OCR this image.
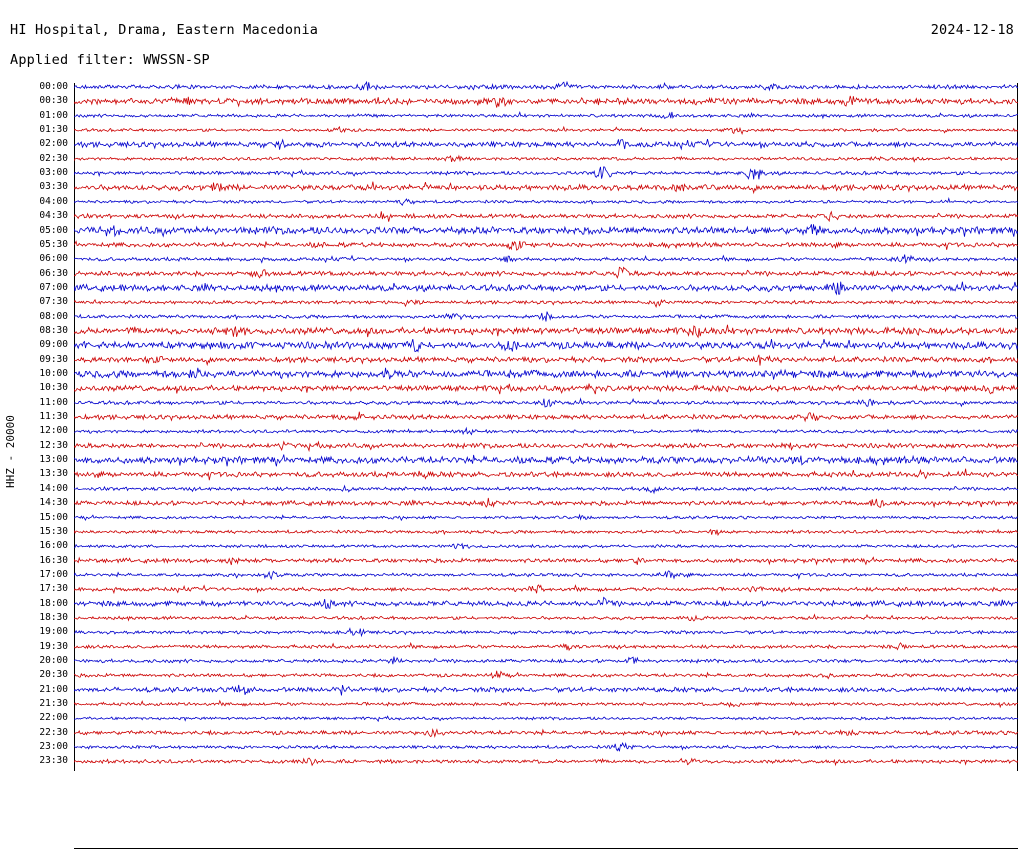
HI Hospital, Drama, Eastern Macedonia	2024-12-18
Applied filter: WWSSN-SP
HHZ - 20000
00:00
00:30
01:00
01:30
02:00
02:30
03:00
03:30
04:00
04:30
05:00
05:30
06:00
06:30
07:00
07:30
08:00
08:30
09:00
09:30
10:00
10:30
11:00
11:30
12:00
12:30
13:00
13:30
14:00
14:30
15:00
15:30
16:00
16:30
17:00
17:30
18:00
18:30
19:00
19:30
20:00
20:30
21:00
21:30
22:00
22:30
23:00
23:30
